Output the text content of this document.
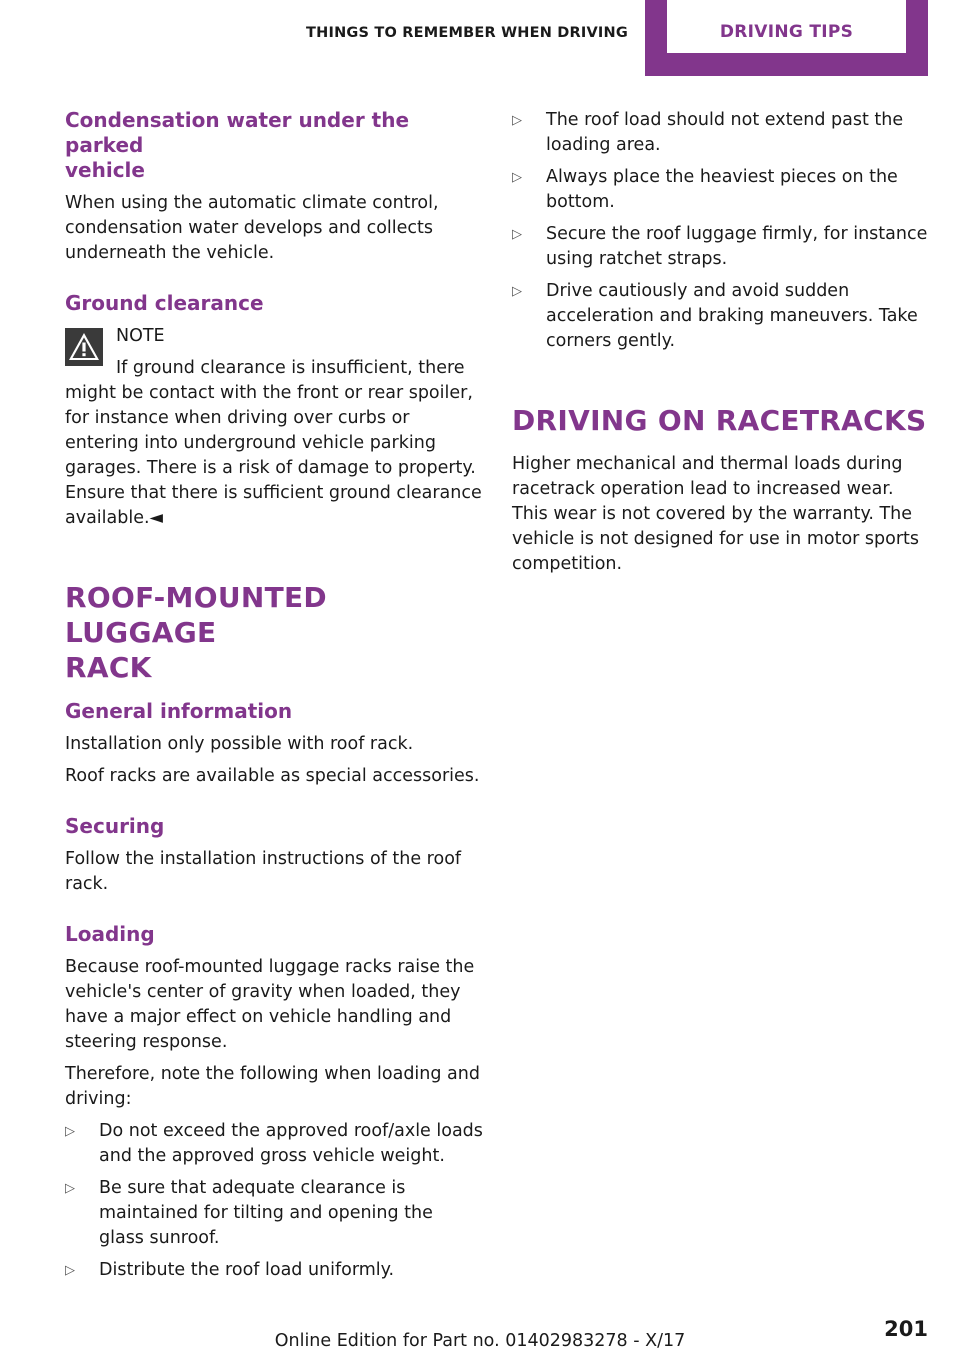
THINGS TO REMEMBER WHEN DRIVING	DRIVING TIPS
Condensation water under the parked
vehicle

When using the automatic climate control, condensation water develops and collects underneath the vehicle.

Ground clearance
NOTE
If ground clearance is insufficient, there
might be contact with the front or rear spoiler, for instance when driving over curbs or entering into underground vehicle parking garages. There is a risk of damage to property. Ensure that there is sufficient ground clearance available.◄
ROOF-MOUNTED LUGGAGE
RACK
General information

Installation only possible with roof rack.

Roof racks are available as special accessories.

Securing

Follow the installation instructions of the roof rack.

Loading

Because roof-mounted luggage racks raise the vehicle's center of gravity when loaded, they have a major effect on vehicle handling and steering response.

Therefore, note the following when loading and driving:

▷ Do not exceed the approved roof/axle loads and the approved gross vehicle weight.
▷ Be sure that adequate clearance is maintained for tilting and opening the glass sunroof.
▷ Distribute the roof load uniformly.
▷ The roof load should not extend past the loading area.
▷ Always place the heaviest pieces on the bottom.
▷ Secure the roof luggage firmly, for instance using ratchet straps.
▷ Drive cautiously and avoid sudden acceleration and braking maneuvers. Take corners gently.
DRIVING ON RACETRACKS

Higher mechanical and thermal loads during racetrack operation lead to increased wear. This wear is not covered by the warranty. The vehicle is not designed for use in motor sports competition.

201
Online Edition for Part no. 01402983278 - X/17
